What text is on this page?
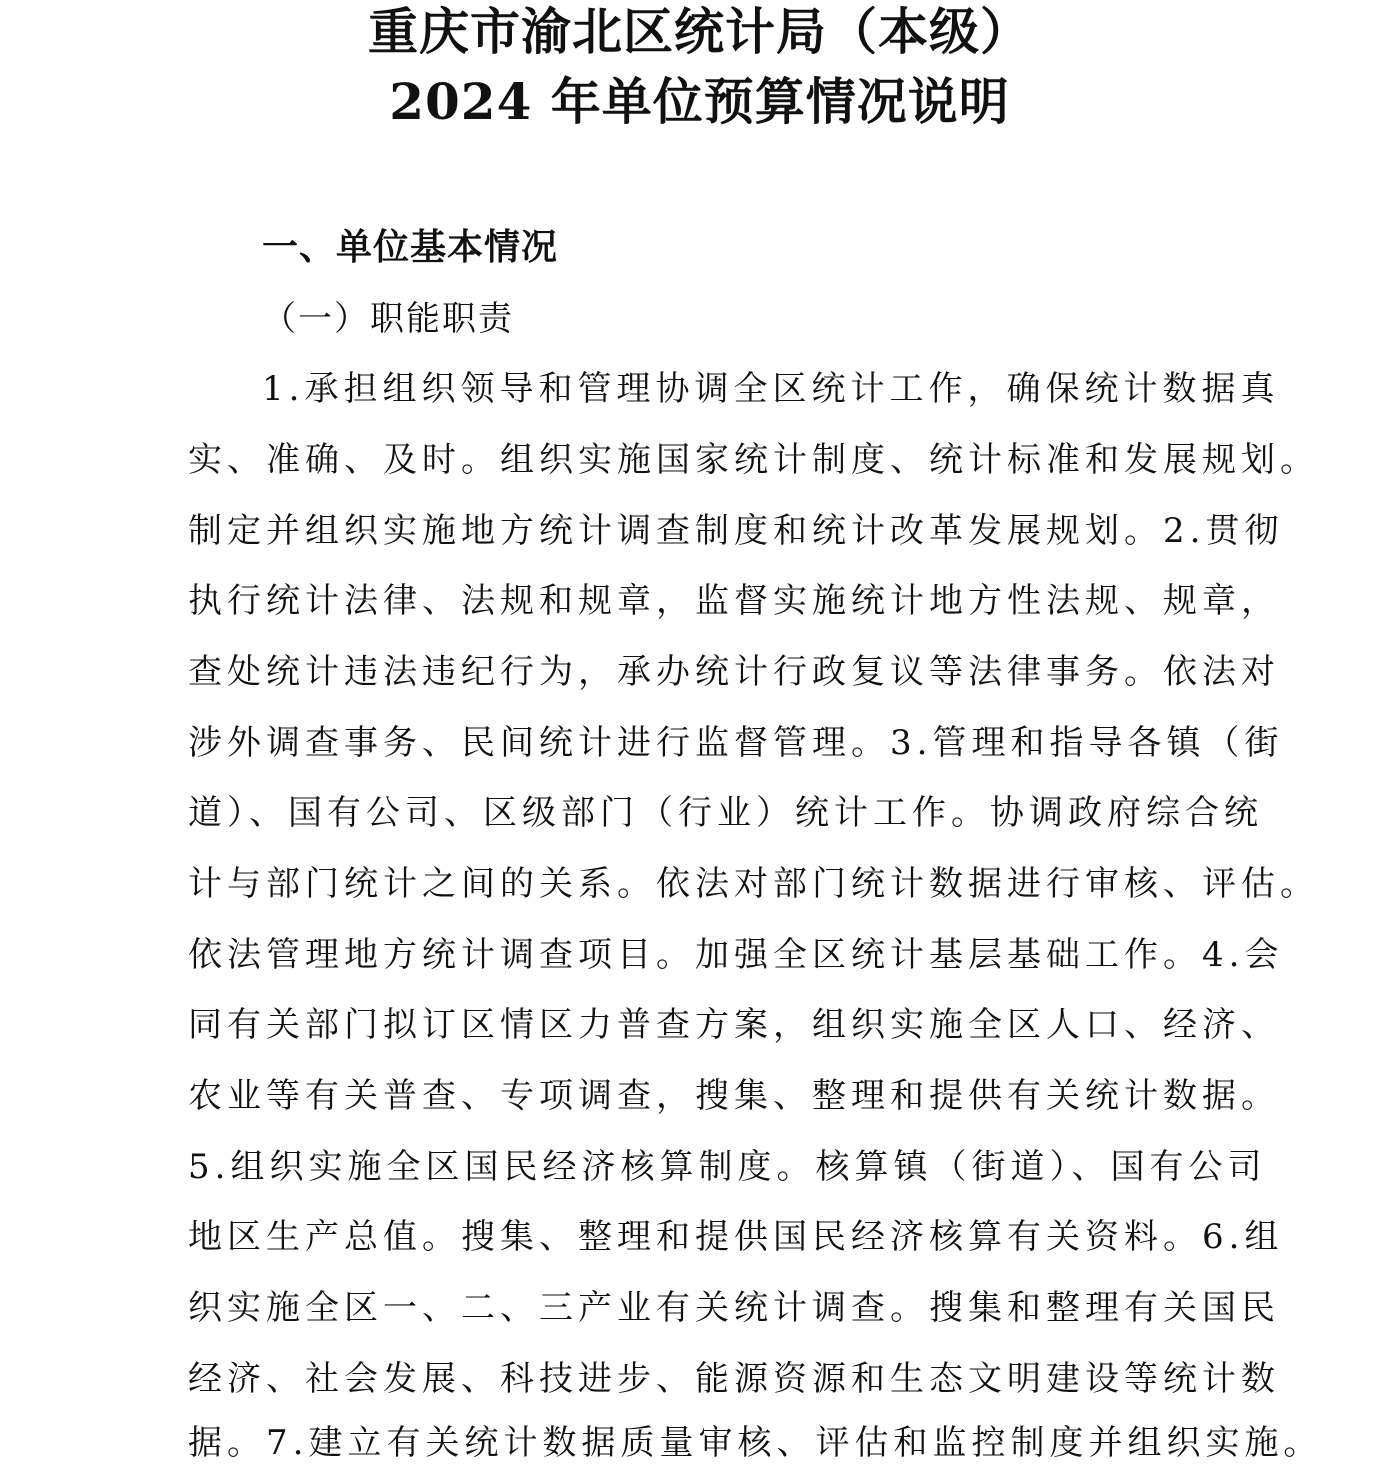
重庆市渝北区统计局（本级）
2024 年单位预算情况说明
一、单位基本情况
（一）职能职责
1.承担组织领导和管理协调全区统计工作，确保统计数据真
实、准确、及时。组织实施国家统计制度、统计标准和发展规划。
制定并组织实施地方统计调查制度和统计改革发展规划。2.贯彻
执行统计法律、法规和规章，监督实施统计地方性法规、规章，
查处统计违法违纪行为，承办统计行政复议等法律事务。依法对
涉外调查事务、民间统计进行监督管理。3.管理和指导各镇（街
道）、国有公司、区级部门（行业）统计工作。协调政府综合统
计与部门统计之间的关系。依法对部门统计数据进行审核、评估。
依法管理地方统计调查项目。加强全区统计基层基础工作。4.会
同有关部门拟订区情区力普查方案，组织实施全区人口、经济、
农业等有关普查、专项调查，搜集、整理和提供有关统计数据。
5.组织实施全区国民经济核算制度。核算镇（街道）、国有公司
地区生产总值。搜集、整理和提供国民经济核算有关资料。6.组
织实施全区一、二、三产业有关统计调查。搜集和整理有关国民
经济、社会发展、科技进步、能源资源和生态文明建设等统计数
据。7.建立有关统计数据质量审核、评估和监控制度并组织实施。
